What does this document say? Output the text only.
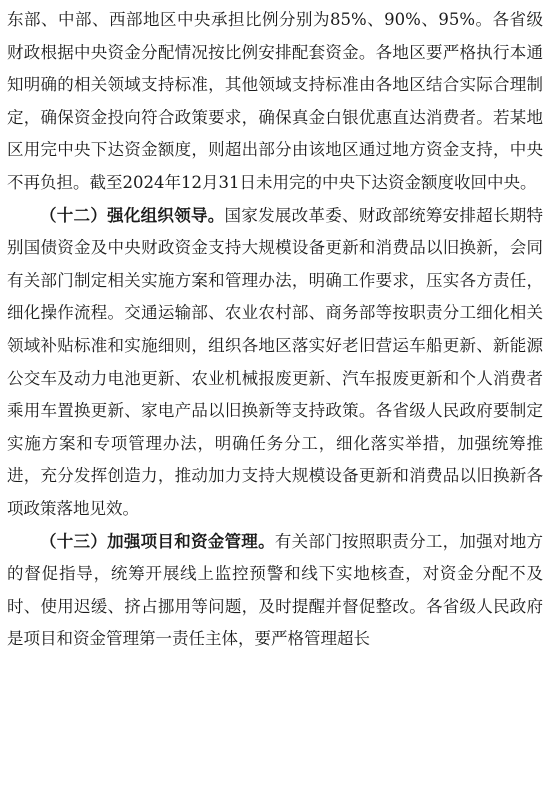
东部、中部、西部地区中央承担比例分别为85%、90%、95%。各省级财政根据中央资金分配情况按比例安排配套资金。各地区要严格执行本通知明确的相关领域支持标准，其他领域支持标准由各地区结合实际合理制定，确保资金投向符合政策要求，确保真金白银优惠直达消费者。若某地区用完中央下达资金额度，则超出部分由该地区通过地方资金支持，中央不再负担。截至2024年12月31日未用完的中央下达资金额度收回中央。

（十二）强化组织领导。国家发展改革委、财政部统筹安排超长期特别国债资金及中央财政资金支持大规模设备更新和消费品以旧换新，会同有关部门制定相关实施方案和管理办法，明确工作要求，压实各方责任，细化操作流程。交通运输部、农业农村部、商务部等按职责分工细化相关领域补贴标准和实施细则，组织各地区落实好老旧营运车船更新、新能源公交车及动力电池更新、农业机械报废更新、汽车报废更新和个人消费者乘用车置换更新、家电产品以旧换新等支持政策。各省级人民政府要制定实施方案和专项管理办法，明确任务分工，细化落实举措，加强统筹推进，充分发挥创造力，推动加力支持大规模设备更新和消费品以旧换新各项政策落地见效。

（十三）加强项目和资金管理。有关部门按照职责分工，加强对地方的督促指导，统筹开展线上监控预警和线下实地核查，对资金分配不及时、使用迟缓、挤占挪用等问题，及时提醒并督促整改。各省级人民政府是项目和资金管理第一责任主体，要严格管理超长
